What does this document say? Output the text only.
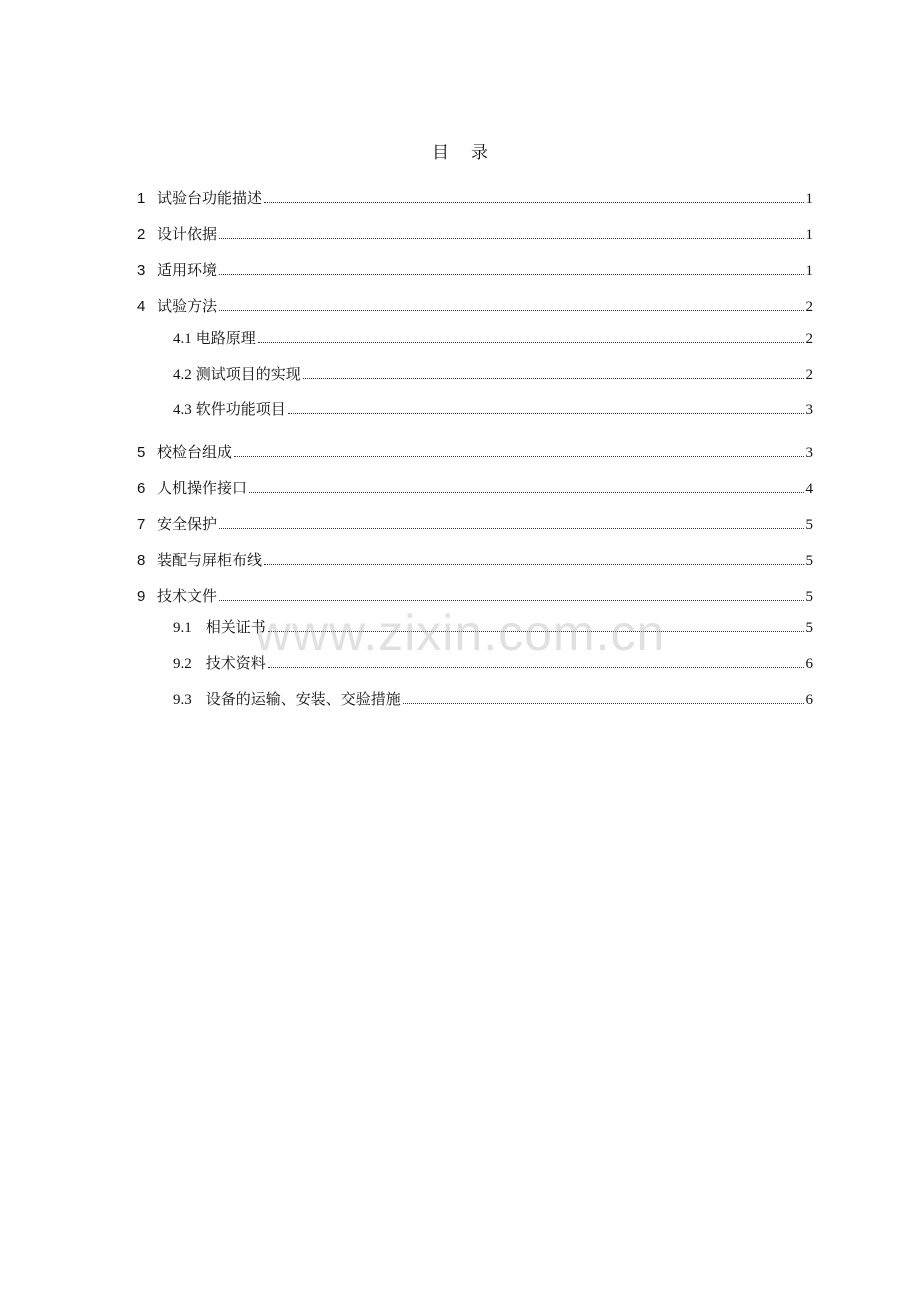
目 录
1 试验台功能描述	1
2 设计依据	1
3 适用环境	1
4 试验方法	2
4.1 电路原理	2
4.2 测试项目的实现	2
4.3 软件功能项目	3
5 校检台组成	3
6 人机操作接口	4
7 安全保护	5
8 装配与屏柜布线	5
9 技术文件	5
9.1 相关证书	5
9.2 技术资料	6
9.3 设备的运输、安装、交验措施	6
www.zixin.com.cn
